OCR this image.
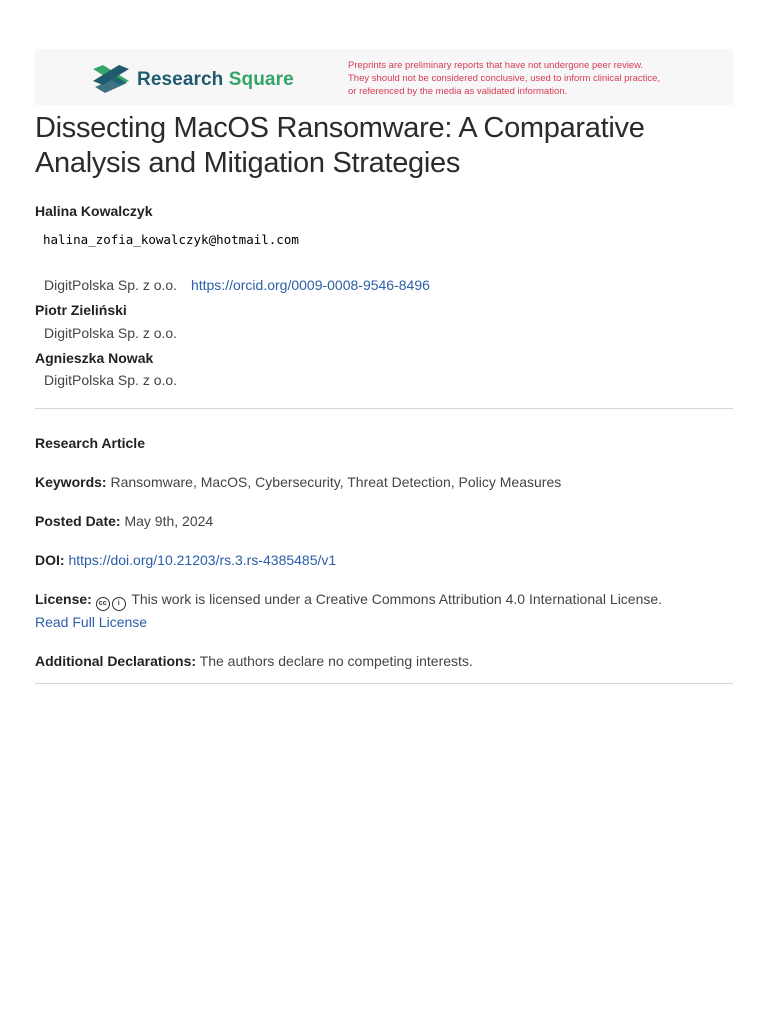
Research Square
Preprints are preliminary reports that have not undergone peer review.
They should not be considered conclusive, used to inform clinical practice,
or referenced by the media as validated information.
Dissecting MacOS Ransomware: A Comparative
Analysis and Mitigation Strategies
Halina Kowalczyk
halina_zofia_kowalczyk@hotmail.com
DigitPolska Sp. z o.o. https://orcid.org/0009-0008-9546-8496
Piotr Zieliński
DigitPolska Sp. z o.o.
Agnieszka Nowak
DigitPolska Sp. z o.o.
Research Article
Keywords: Ransomware, MacOS, Cybersecurity, Threat Detection, Policy Measures
Posted Date: May 9th, 2024
DOI: https://doi.org/10.21203/rs.3.rs-4385485/v1
License: cc i This work is licensed under a Creative Commons Attribution 4.0 International License.
Read Full License
Additional Declarations: The authors declare no competing interests.
